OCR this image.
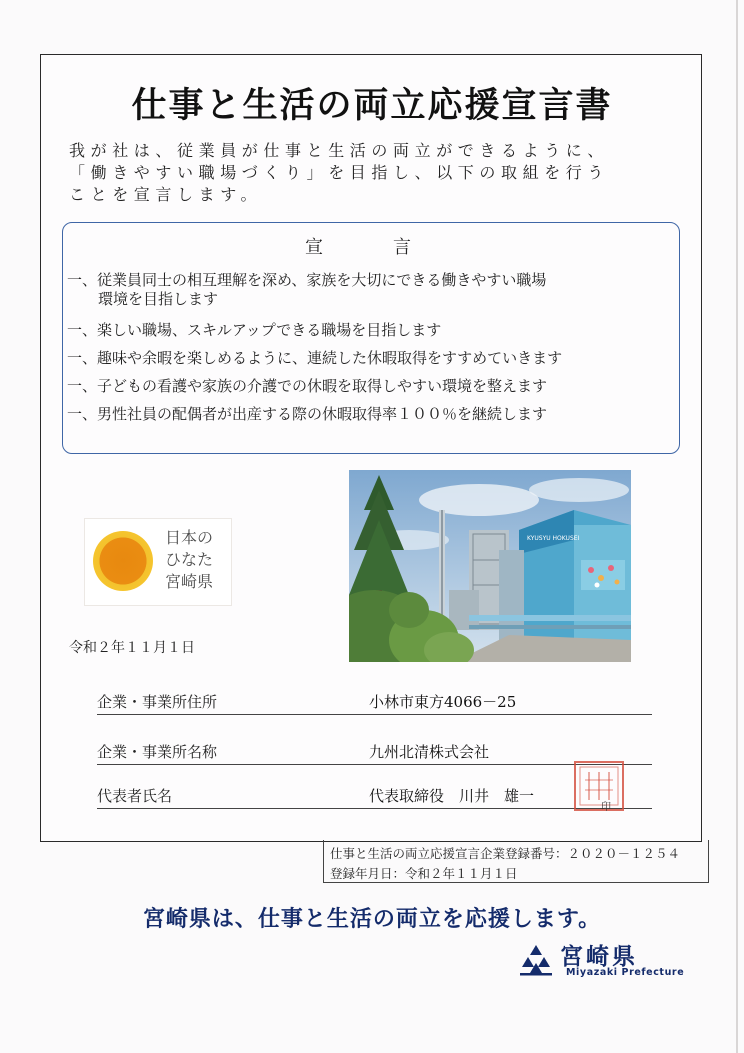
仕事と生活の両立応援宣言書
我が社は、従業員が仕事と生活の両立ができるように、
「働きやすい職場づくり」を目指し、以下の取組を行う
ことを宣言します。
宣　言
一、従業員同士の相互理解を深め、家族を大切にできる働きやすい職場
環境を目指します
一、楽しい職場、スキルアップできる職場を目指します
一、趣味や余暇を楽しめるように、連続した休暇取得をすすめていきます
一、子どもの看護や家族の介護での休暇を取得しやすい環境を整えます
一、男性社員の配偶者が出産する際の休暇取得率１００％を継続します
日本の
ひなた
宮崎県
KYUSYU HOKUSEI
令和２年１１月１日
企業・事業所住所	小林市東方4066－25
企業・事業所名称	九州北清株式会社
代表者氏名	代表取締役　川井　雄一
印
仕事と生活の両立応援宣言企業登録番号：２０２０－１２５４
登録年月日：令和２年１１月１日
宮崎県は、仕事と生活の両立を応援します。
宮崎県
Miyazaki Prefecture
